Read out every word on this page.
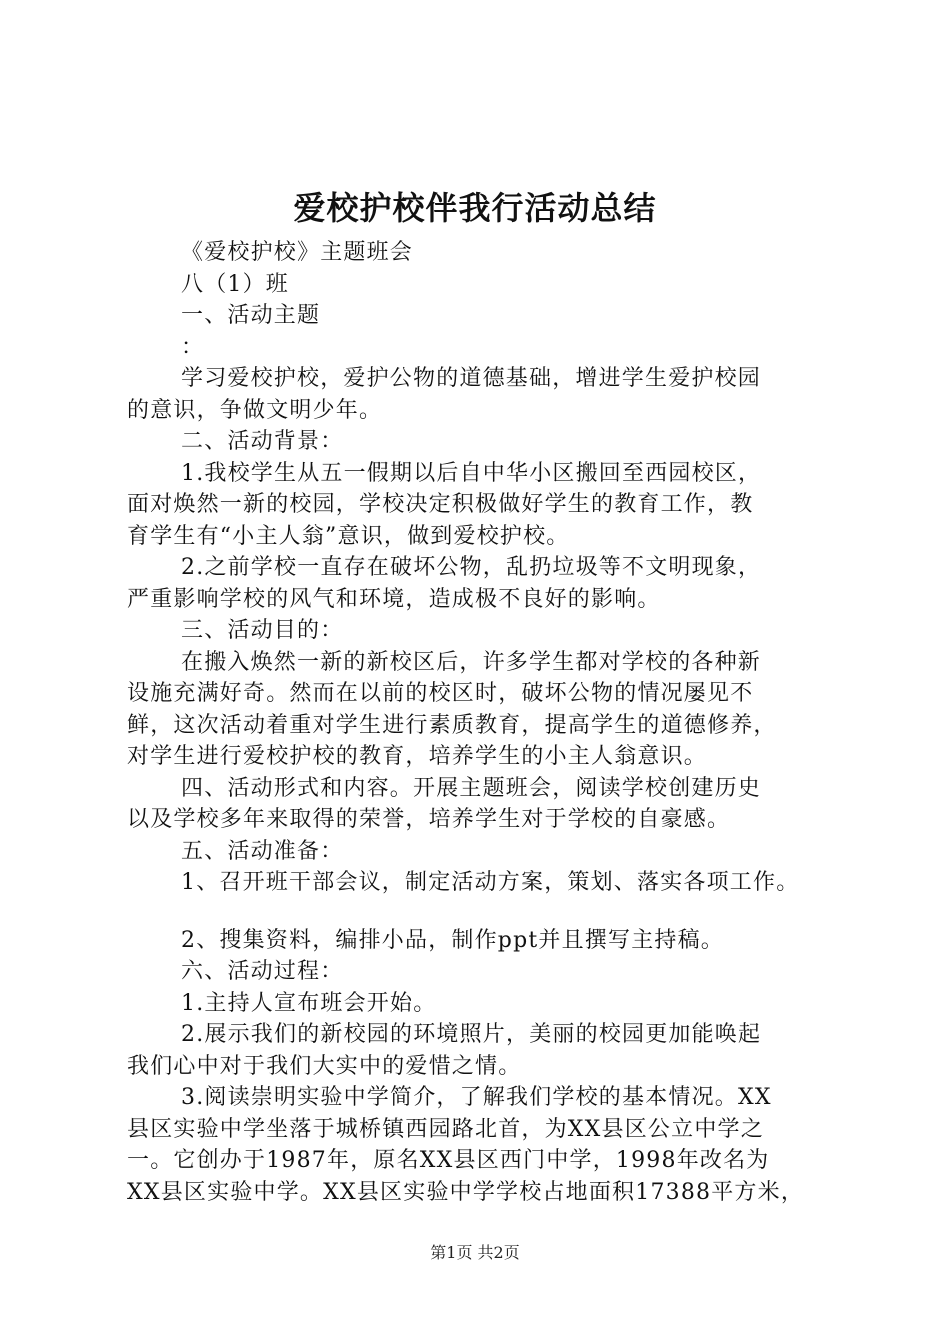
爱校护校伴我行活动总结
《爱校护校》主题班会
八（1）班
一、活动主题
：
学习爱校护校，爱护公物的道德基础，增进学生爱护校园
的意识，争做文明少年。
二、活动背景：
1.我校学生从五一假期以后自中华小区搬回至西园校区，
面对焕然一新的校园，学校决定积极做好学生的教育工作，教
育学生有“小主人翁”意识，做到爱校护校。
2.之前学校一直存在破坏公物，乱扔垃圾等不文明现象，
严重影响学校的风气和环境，造成极不良好的影响。
三、活动目的：
在搬入焕然一新的新校区后，许多学生都对学校的各种新
设施充满好奇。然而在以前的校区时，破坏公物的情况屡见不
鲜，这次活动着重对学生进行素质教育，提高学生的道德修养，
对学生进行爱校护校的教育，培养学生的小主人翁意识。
四、活动形式和内容。开展主题班会，阅读学校创建历史
以及学校多年来取得的荣誉，培养学生对于学校的自豪感。
五、活动准备：
1、召开班干部会议，制定活动方案，策划、落实各项工作。
2、搜集资料，编排小品，制作ppt并且撰写主持稿。
六、活动过程：
1.主持人宣布班会开始。
2.展示我们的新校园的环境照片，美丽的校园更加能唤起
我们心中对于我们大实中的爱惜之情。
3.阅读崇明实验中学简介，了解我们学校的基本情况。XX
县区实验中学坐落于城桥镇西园路北首，为XX县区公立中学之
一。它创办于1987年，原名XX县区西门中学，1998年改名为
XX县区实验中学。XX县区实验中学学校占地面积17388平方米，
第1页 共2页
